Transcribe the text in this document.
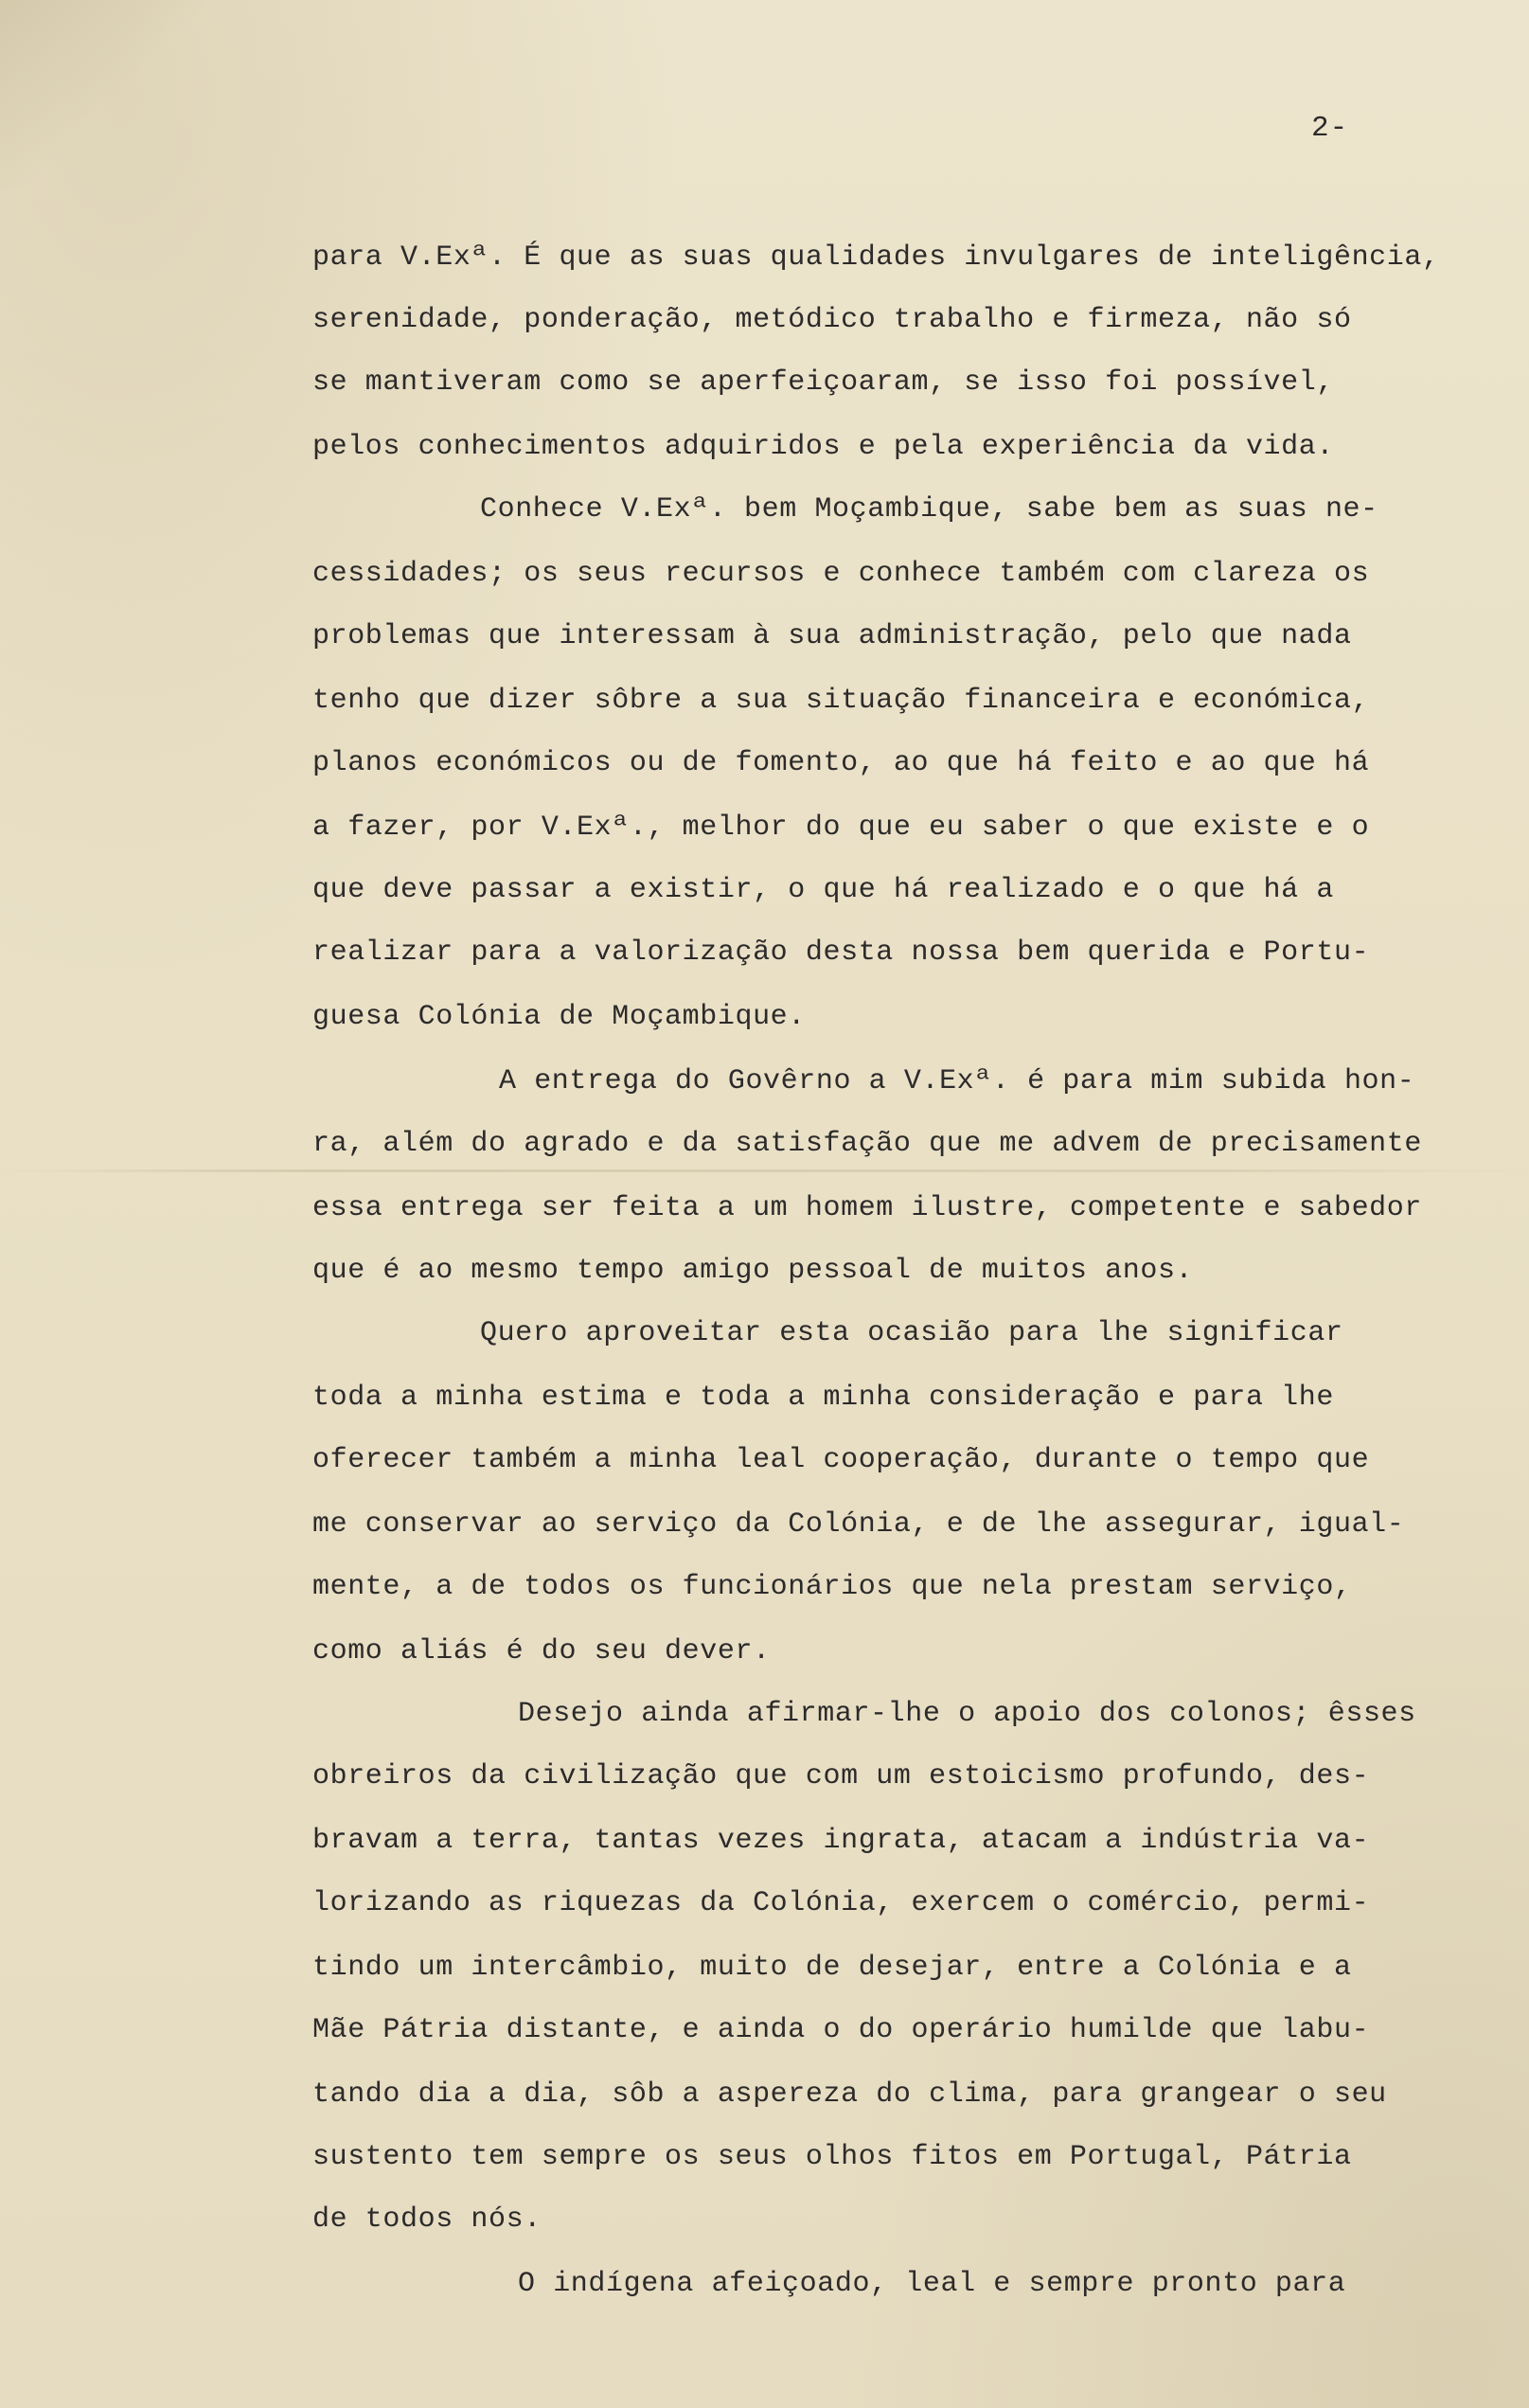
2-
para V.Exª. É que as suas qualidades invulgares de inteligência,
serenidade, ponderação, metódico trabalho e firmeza, não só
se mantiveram como se aperfeiçoaram, se isso foi possível,
pelos conhecimentos adquiridos e pela experiência da vida.
Conhece V.Exª. bem Moçambique, sabe bem as suas ne-
cessidades; os seus recursos e conhece também com clareza os
problemas que interessam à sua administração, pelo que nada
tenho que dizer sôbre a sua situação financeira e económica,
planos económicos ou de fomento, ao que há feito e ao que há
a fazer, por V.Exª., melhor do que eu saber o que existe e o
que deve passar a existir, o que há realizado e o que há a
realizar para a valorização desta nossa bem querida e Portu-
guesa Colónia de Moçambique.
A entrega do Govêrno a V.Exª. é para mim subida hon-
ra, além do agrado e da satisfação que me advem de precisamente
essa entrega ser feita a um homem ilustre, competente e sabedor
que é ao mesmo tempo amigo pessoal de muitos anos.
Quero aproveitar esta ocasião para lhe significar
toda a minha estima e toda a minha consideração e para lhe
oferecer também a minha leal cooperação, durante o tempo que
me conservar ao serviço da Colónia, e de lhe assegurar, igual-
mente, a de todos os funcionários que nela prestam serviço,
como aliás é do seu dever.
Desejo ainda afirmar-lhe o apoio dos colonos; êsses
obreiros da civilização que com um estoicismo profundo, des-
bravam a terra, tantas vezes ingrata, atacam a indústria va-
lorizando as riquezas da Colónia, exercem o comércio, permi-
tindo um intercâmbio, muito de desejar, entre a Colónia e a
Mãe Pátria distante, e ainda o do operário humilde que labu-
tando dia a dia, sôb a aspereza do clima, para grangear o seu
sustento tem sempre os seus olhos fitos em Portugal, Pátria
de todos nós.
O indígena afeiçoado, leal e sempre pronto para
